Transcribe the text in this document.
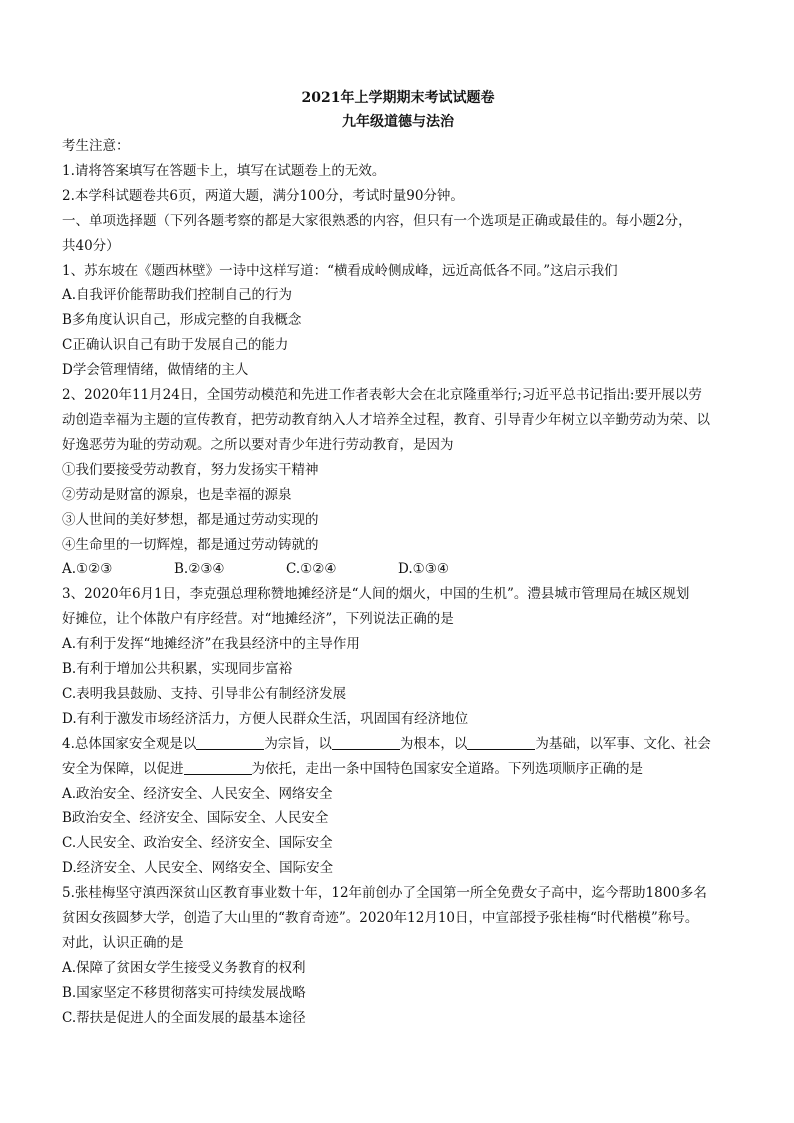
2021年上学期期末考试试题卷

九年级道德与法治

考生注意：

1.请将答案填写在答题卡上，填写在试题卷上的无效。

2.本学科试题卷共6页，两道大题，满分100分，考试时量90分钟。

一、单项选择题（下列各题考察的都是大家很熟悉的内容，但只有一个选项是正确或最佳的。每小题2分，

共40分）

1、苏东坡在《题西林壁》一诗中这样写道：“横看成岭侧成峰，远近高低各不同。”这启示我们

A.自我评价能帮助我们控制自己的行为

B多角度认识自己，形成完整的自我概念

C正确认识自己有助于发展自己的能力

D学会管理情绪，做情绪的主人

2、2020年11月24日，全国劳动模范和先进工作者表彰大会在北京隆重举行;习近平总书记指出:要开展以劳

动创造幸福为主题的宣传教育，把劳动教育纳入人才培养全过程，教育、引导青少年树立以辛勤劳动为荣、以

好逸恶劳为耻的劳动观。之所以要对青少年进行劳动教育，是因为

①我们要接受劳动教育，努力发扬实干精神

②劳动是财富的源泉，也是幸福的源泉

③人世间的美好梦想，都是通过劳动实现的

④生命里的一切辉煌，都是通过劳动铸就的

A.①②③	B.②③④	C.①②④	D.①③④

3、2020年6月1日，李克强总理称赞地摊经济是“人间的烟火，中国的生机”。澧县城市管理局在城区规划

好摊位，让个体散户有序经营。对“地摊经济”，下列说法正确的是

A.有利于发挥“地摊经济”在我县经济中的主导作用

B.有利于增加公共积累，实现同步富裕

C.表明我县鼓励、支持、引导非公有制经济发展

D.有利于激发市场经济活力，方便人民群众生活，巩固国有经济地位

4.总体国家安全观是以	为宗旨，以	为根本，以	为基础，以军事、文化、社会

安全为保障，以促进	为依托，走出一条中国特色国家安全道路。下列选项顺序正确的是

A.政治安全、经济安全、人民安全、网络安全

B政治安全、经济安全、国际安全、人民安全

C.人民安全、政治安全、经济安全、国际安全

D.经济安全、人民安全、网络安全、国际安全

5.张桂梅坚守滇西深贫山区教育事业数十年，12年前创办了全国第一所全免费女子高中，迄今帮助1800多名

贫困女孩圆梦大学，创造了大山里的“教育奇迹”。2020年12月10日，中宣部授予张桂梅“时代楷模”称号。

对此，认识正确的是

A.保障了贫困女学生接受义务教育的权利

B.国家坚定不移贯彻落实可持续发展战略

C.帮扶是促进人的全面发展的最基本途径
